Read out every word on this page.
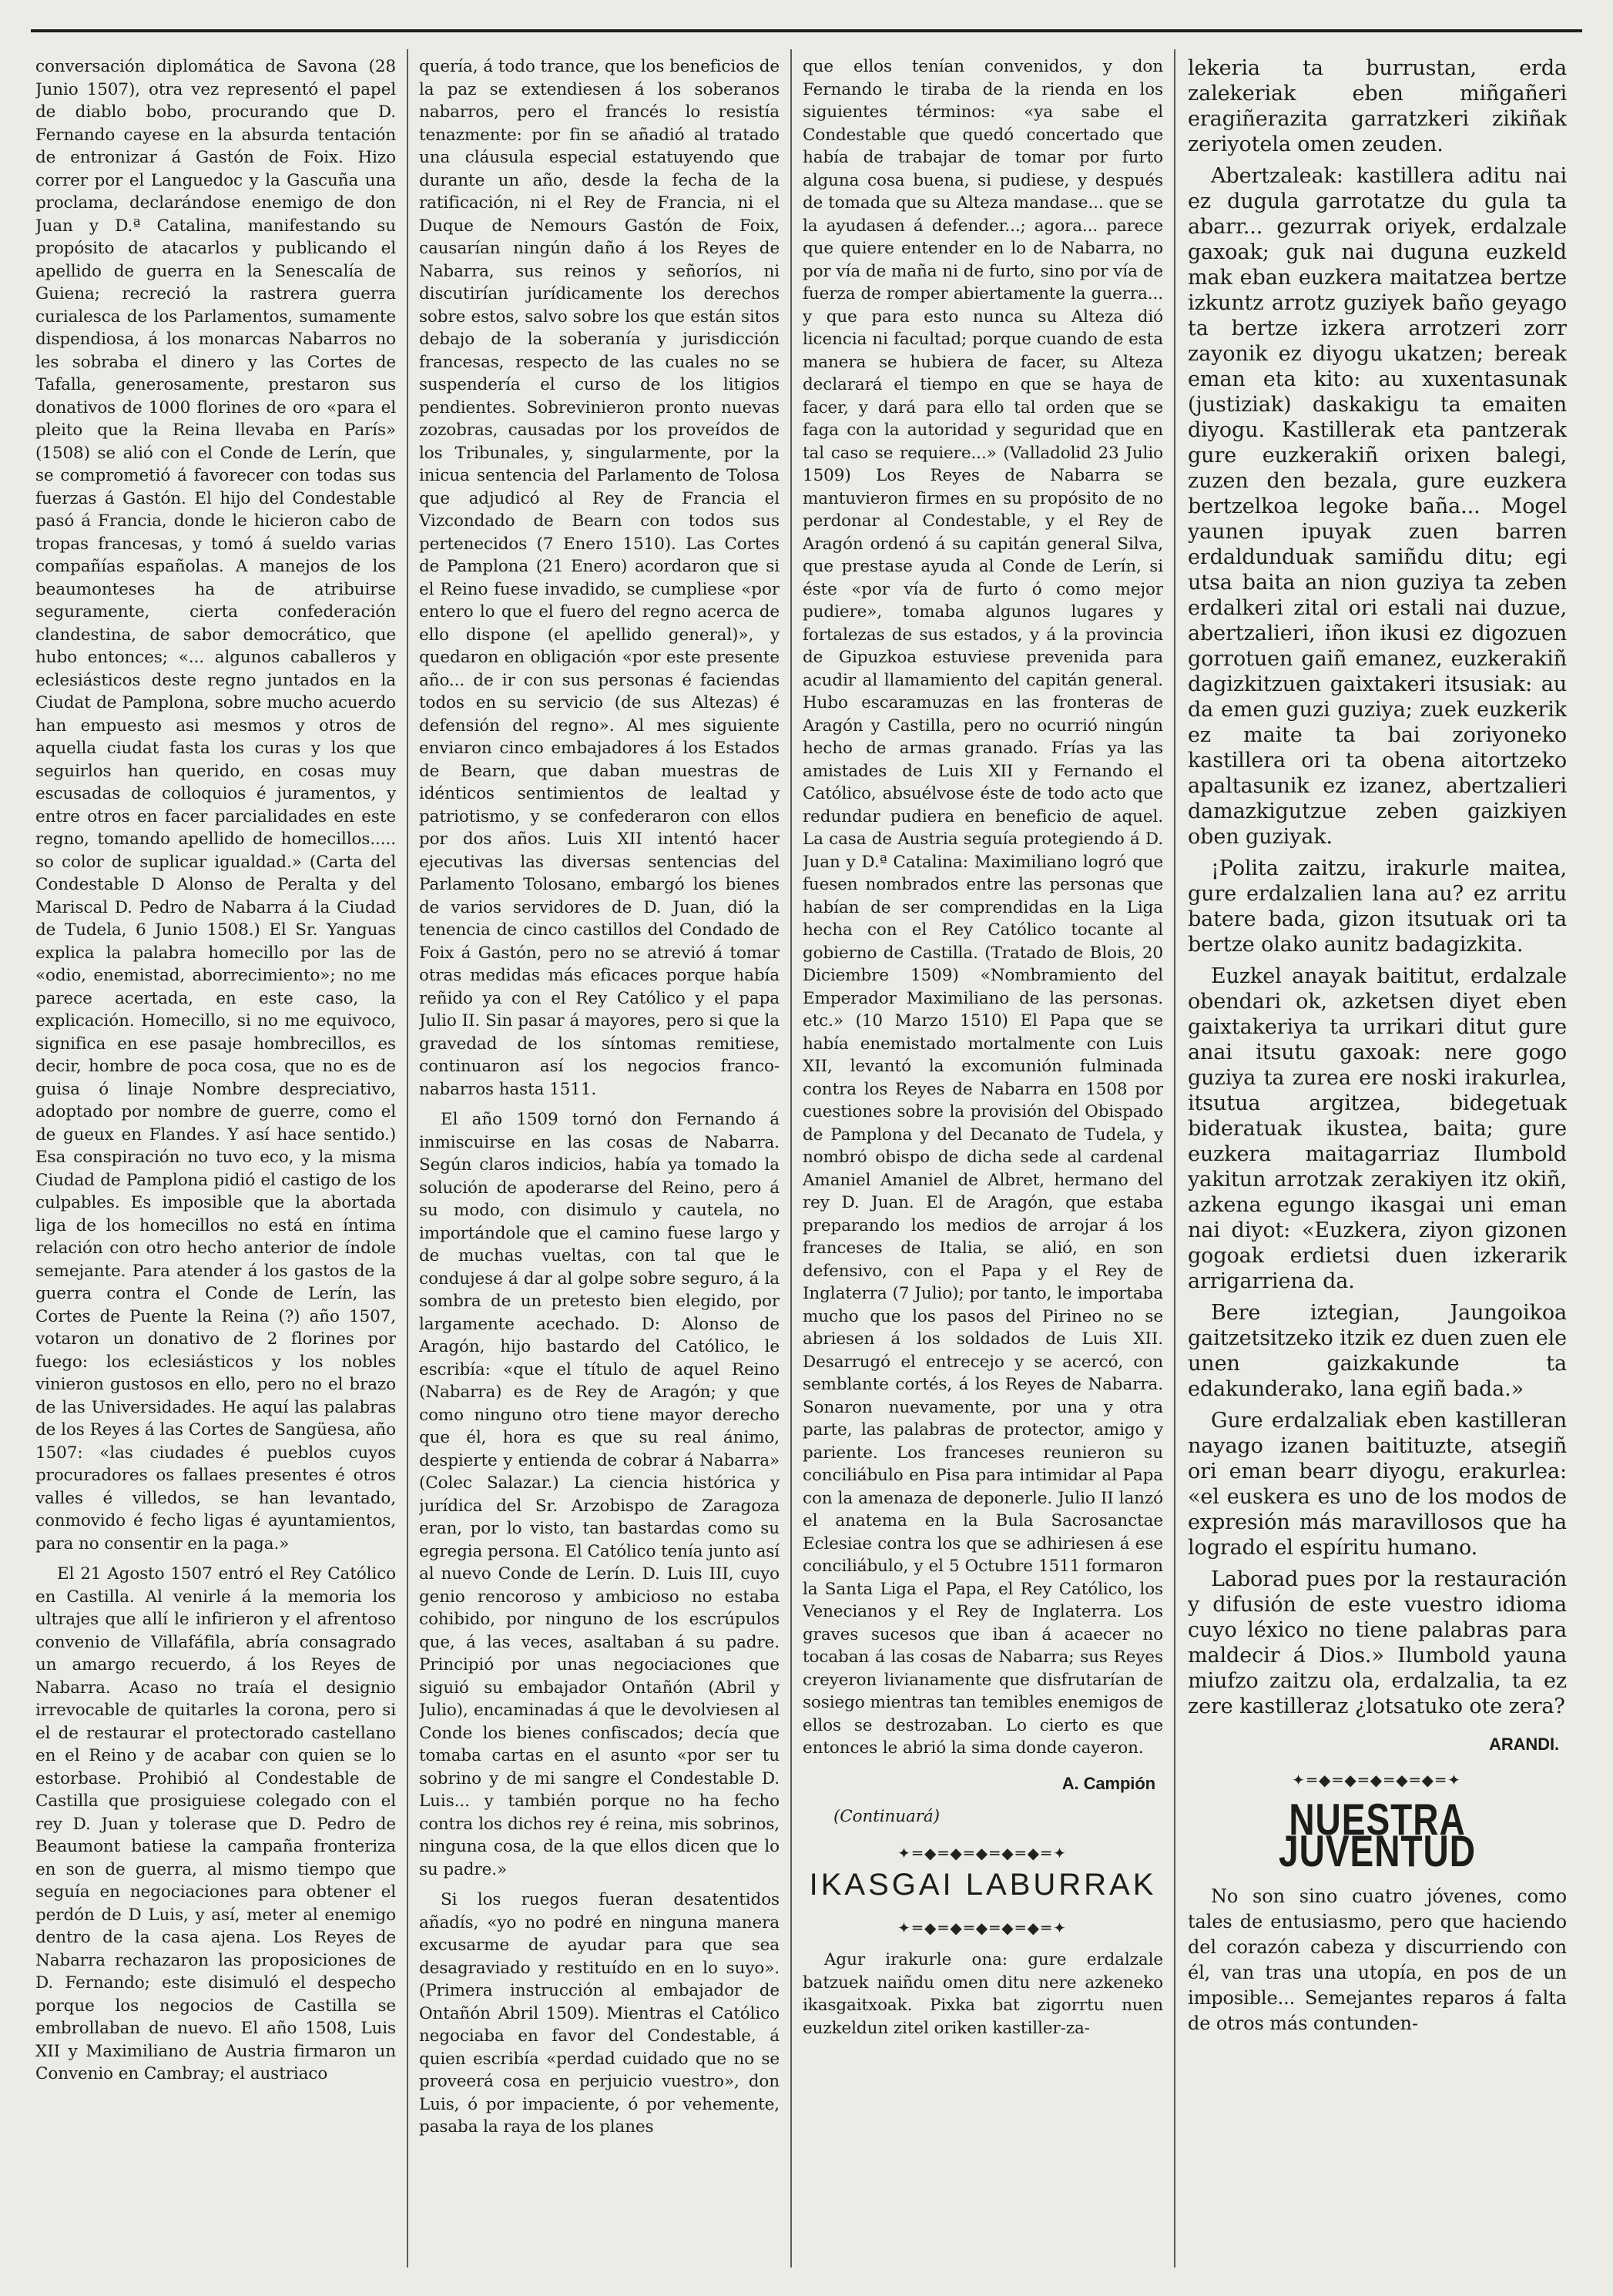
conversación diplomática de Savona (28 Junio 1507), otra vez representó el papel de diablo bobo, procurando que D. Fernando cayese en la absurda tentación de entronizar á Gastón de Foix. Hizo correr por el Languedoc y la Gascuña una proclama, declarándose enemigo de don Juan y D.ª Catalina, manifestando su propósito de atacarlos y publicando el apellido de guerra en la Senescalía de Guiena; recreció la rastrera guerra curialesca de los Parlamentos, sumamente dispendiosa, á los monarcas Nabarros no les sobraba el dinero y las Cortes de Tafalla, generosamente, prestaron sus donativos de 1000 florines de oro «para el pleito que la Reina llevaba en París» (1508) se alió con el Conde de Lerín, que se comprometió á favorecer con todas sus fuerzas á Gastón. El hijo del Condestable pasó á Francia, donde le hicieron cabo de tropas francesas, y tomó á sueldo varias compañías españolas. A manejos de los beaumonteses ha de atribuirse seguramente, cierta confederación clandestina, de sabor democrático, que hubo entonces; «... algunos caballeros y eclesiásticos deste regno juntados en la Ciudat de Pamplona, sobre mucho acuerdo han empuesto asi mesmos y otros de aquella ciudat fasta los curas y los que seguirlos han querido, en cosas muy escusadas de colloquios é juramentos, y entre otros en facer parcialidades en este regno, tomando apellido de homecillos..... so color de suplicar igualdad.» (Carta del Condestable D Alonso de Peralta y del Mariscal D. Pedro de Nabarra á la Ciudad de Tudela, 6 Junio 1508.) El Sr. Yanguas explica la palabra homecillo por las de «odio, enemistad, aborrecimiento»; no me parece acertada, en este caso, la explicación. Homecillo, si no me equivoco, significa en ese pasaje hombrecillos, es decir, hombre de poca cosa, que no es de guisa ó linaje Nombre despreciativo, adoptado por nombre de guerre, como el de gueux en Flandes. Y así hace sentido.) Esa conspiración no tuvo eco, y la misma Ciudad de Pamplona pidió el castigo de los culpables. Es imposible que la abortada liga de los homecillos no está en íntima relación con otro hecho anterior de índole semejante. Para atender á los gastos de la guerra contra el Conde de Lerín, las Cortes de Puente la Reina (?) año 1507, votaron un donativo de 2 florines por fuego: los eclesiásticos y los nobles vinieron gustosos en ello, pero no el brazo de las Universidades. He aquí las palabras de los Reyes á las Cortes de Sangüesa, año 1507: «las ciudades é pueblos cuyos procuradores os fallaes presentes é otros valles é villedos, se han levantado, conmovido é fecho ligas é ayuntamientos, para no consentir en la paga.»

El 21 Agosto 1507 entró el Rey Católico en Castilla. Al venirle á la memoria los ultrajes que allí le infirieron y el afrentoso convenio de Villafáfila, abría consagrado un amargo recuerdo, á los Reyes de Nabarra. Acaso no traía el designio irrevocable de quitarles la corona, pero si el de restaurar el protectorado castellano en el Reino y de acabar con quien se lo estorbase. Prohibió al Condestable de Castilla que prosiguiese colegado con el rey D. Juan y tolerase que D. Pedro de Beaumont batiese la campaña fronteriza en son de guerra, al mismo tiempo que seguía en negociaciones para obtener el perdón de D Luis, y así, meter al enemigo dentro de la casa ajena. Los Reyes de Nabarra rechazaron las proposiciones de D. Fernando; este disimuló el despecho porque los negocios de Castilla se embrollaban de nuevo. El año 1508, Luis XII y Maximiliano de Austria firmaron un Convenio en Cambray; el austriaco

quería, á todo trance, que los beneficios de la paz se extendiesen á los soberanos nabarros, pero el francés lo resistía tenazmente: por fin se añadió al tratado una cláusula especial estatuyendo que durante un año, desde la fecha de la ratificación, ni el Rey de Francia, ni el Duque de Nemours Gastón de Foix, causarían ningún daño á los Reyes de Nabarra, sus reinos y señoríos, ni discutirían jurídicamente los derechos sobre estos, salvo sobre los que están sitos debajo de la soberanía y jurisdicción francesas, respecto de las cuales no se suspendería el curso de los litigios pendientes. Sobrevinieron pronto nuevas zozobras, causadas por los proveídos de los Tribunales, y, singularmente, por la inicua sentencia del Parlamento de Tolosa que adjudicó al Rey de Francia el Vizcondado de Bearn con todos sus pertenecidos (7 Enero 1510). Las Cortes de Pamplona (21 Enero) acordaron que si el Reino fuese invadido, se cumpliese «por entero lo que el fuero del regno acerca de ello dispone (el apellido general)», y quedaron en obligación «por este presente año... de ir con sus personas é faciendas todos en su servicio (de sus Altezas) é defensión del regno». Al mes siguiente enviaron cinco embajadores á los Estados de Bearn, que daban muestras de idénticos sentimientos de lealtad y patriotismo, y se confederaron con ellos por dos años. Luis XII intentó hacer ejecutivas las diversas sentencias del Parlamento Tolosano, embargó los bienes de varios servidores de D. Juan, dió la tenencia de cinco castillos del Condado de Foix á Gastón, pero no se atrevió á tomar otras medidas más eficaces porque había reñido ya con el Rey Católico y el papa Julio II. Sin pasar á mayores, pero si que la gravedad de los síntomas remitiese, continuaron así los negocios franco-nabarros hasta 1511.

El año 1509 tornó don Fernando á inmiscuirse en las cosas de Nabarra. Según claros indicios, había ya tomado la solución de apoderarse del Reino, pero á su modo, con disimulo y cautela, no importándole que el camino fuese largo y de muchas vueltas, con tal que le condujese á dar al golpe sobre seguro, á la sombra de un pretesto bien elegido, por largamente acechado. D: Alonso de Aragón, hijo bastardo del Católico, le escribía: «que el título de aquel Reino (Nabarra) es de Rey de Aragón; y que como ninguno otro tiene mayor derecho que él, hora es que su real ánimo, despierte y entienda de cobrar á Nabarra» (Colec Salazar.) La ciencia histórica y jurídica del Sr. Arzobispo de Zaragoza eran, por lo visto, tan bastardas como su egregia persona. El Católico tenía junto así al nuevo Conde de Lerín. D. Luis III, cuyo genio rencoroso y ambicioso no estaba cohibido, por ninguno de los escrúpulos que, á las veces, asaltaban á su padre. Principió por unas negociaciones que siguió su embajador Ontañón (Abril y Julio), encaminadas á que le devolviesen al Conde los bienes confiscados; decía que tomaba cartas en el asunto «por ser tu sobrino y de mi sangre el Condestable D. Luis... y también porque no ha fecho contra los dichos rey é reina, mis sobrinos, ninguna cosa, de la que ellos dicen que lo su padre.»

Si los ruegos fueran desatentidos añadís, «yo no podré en ninguna manera excusarme de ayudar para que sea desagraviado y restituído en en lo suyo». (Primera instrucción al embajador de Ontañón Abril 1509). Mientras el Católico negociaba en favor del Condestable, á quien escribía «perdad cuidado que no se proveerá cosa en perjuicio vuestro», don Luis, ó por impaciente, ó por vehemente, pasaba la raya de los planes

que ellos tenían convenidos, y don Fernando le tiraba de la rienda en los siguientes términos: «ya sabe el Condestable que quedó concertado que había de trabajar de tomar por furto alguna cosa buena, si pudiese, y después de tomada que su Alteza mandase... que se la ayudasen á defender...; agora... parece que quiere entender en lo de Nabarra, no por vía de maña ni de furto, sino por vía de fuerza de romper abiertamente la guerra... y que para esto nunca su Alteza dió licencia ni facultad; porque cuando de esta manera se hubiera de facer, su Alteza declarará el tiempo en que se haya de facer, y dará para ello tal orden que se faga con la autoridad y seguridad que en tal caso se requiere...» (Valladolid 23 Julio 1509) Los Reyes de Nabarra se mantuvieron firmes en su propósito de no perdonar al Condestable, y el Rey de Aragón ordenó á su capitán general Silva, que prestase ayuda al Conde de Lerín, si éste «por vía de furto ó como mejor pudiere», tomaba algunos lugares y fortalezas de sus estados, y á la provincia de Gipuzkoa estuviese prevenida para acudir al llamamiento del capitán general. Hubo escaramuzas en las fronteras de Aragón y Castilla, pero no ocurrió ningún hecho de armas granado. Frías ya las amistades de Luis XII y Fernando el Católico, absuélvose éste de todo acto que redundar pudiera en beneficio de aquel. La casa de Austria seguía protegiendo á D. Juan y D.ª Catalina: Maximiliano logró que fuesen nombrados entre las personas que habían de ser comprendidas en la Liga hecha con el Rey Católico tocante al gobierno de Castilla. (Tratado de Blois, 20 Diciembre 1509) «Nombramiento del Emperador Maximiliano de las personas. etc.» (10 Marzo 1510) El Papa que se había enemistado mortalmente con Luis XII, levantó la excomunión fulminada contra los Reyes de Nabarra en 1508 por cuestiones sobre la provisión del Obispado de Pamplona y del Decanato de Tudela, y nombró obispo de dicha sede al cardenal Amaniel Amaniel de Albret, hermano del rey D. Juan. El de Aragón, que estaba preparando los medios de arrojar á los franceses de Italia, se alió, en son defensivo, con el Papa y el Rey de Inglaterra (7 Julio); por tanto, le importaba mucho que los pasos del Pirineo no se abriesen á los soldados de Luis XII. Desarrugó el entrecejo y se acercó, con semblante cortés, á los Reyes de Nabarra. Sonaron nuevamente, por una y otra parte, las palabras de protector, amigo y pariente. Los franceses reunieron su conciliábulo en Pisa para intimidar al Papa con la amenaza de deponerle. Julio II lanzó el anatema en la Bula Sacrosanctae Eclesiae contra los que se adhiriesen á ese conciliábulo, y el 5 Octubre 1511 formaron la Santa Liga el Papa, el Rey Católico, los Venecianos y el Rey de Inglaterra. Los graves sucesos que iban á acaecer no tocaban á las cosas de Nabarra; sus Reyes creyeron livianamente que disfrutarían de sosiego mientras tan temibles enemigos de ellos se destrozaban. Lo cierto es que entonces le abrió la sima donde cayeron.

A. Campión
(Continuará)
✦═◆═◆═◆═◆═◆═✦
IKASGAI LABURRAK
✦═◆═◆═◆═◆═◆═✦

Agur irakurle ona: gure erdalzale batzuek naiñdu omen ditu nere azkeneko ikasgaitxoak. Pixka bat zigorrtu nuen euzkeldun zitel oriken kastiller-za-

lekeria ta burrustan, erda zalekeriak eben miñgañeri eragiñerazita garratzkeri zikiñak zeriyotela omen zeuden.

Abertzaleak: kastillera aditu nai ez dugula garrotatze du gula ta abarr... gezurrak oriyek, erdalzale gaxoak; guk nai duguna euzkeld mak eban euzkera maitatzea bertze izkuntz arrotz guziyek baño geyago ta bertze izkera arrotzeri zorr zayonik ez diyogu ukatzen; bereak eman eta kito: au xuxentasunak (justiziak) daskakigu ta emaiten diyogu. Kastillerak eta pantzerak gure euzkerakiñ orixen balegi, zuzen den bezala, gure euzkera bertzelkoa legoke baña... Mogel yaunen ipuyak zuen barren erdaldunduak samiñdu ditu; egi utsa baita an nion guziya ta zeben erdalkeri zital ori estali nai duzue, abertzalieri, iñon ikusi ez digozuen gorrotuen gaiñ emanez, euzkerakiñ dagizkitzuen gaixtakeri itsusiak: au da emen guzi guziya; zuek euzkerik ez maite ta bai zoriyoneko kastillera ori ta obena aitortzeko apaltasunik ez izanez, abertzalieri damazkigutzue zeben gaizkiyen oben guziyak.

¡Polita zaitzu, irakurle maitea, gure erdalzalien lana au? ez arritu batere bada, gizon itsutuak ori ta bertze olako aunitz badagizkita.

Euzkel anayak baititut, erdalzale obendari ok, azketsen diyet eben gaixtakeriya ta urrikari ditut gure anai itsutu gaxoak: nere gogo guziya ta zurea ere noski irakurlea, itsutua argitzea, bidegetuak bideratuak ikustea, baita; gure euzkera maitagarriaz Ilumbold yakitun arrotzak zerakiyen itz okiñ, azkena egungo ikasgai uni eman nai diyot: «Euzkera, ziyon gizonen gogoak erdietsi duen izkerarik arrigarriena da.

Bere iztegian, Jaungoikoa gaitzetsitzeko itzik ez duen zuen ele unen gaizkakunde ta edakunderako, lana egiñ bada.»

Gure erdalzaliak eben kastilleran nayago izanen baitituzte, atsegiñ ori eman bearr diyogu, erakurlea: «el euskera es uno de los modos de expresión más maravillosos que ha logrado el espíritu humano.

Laborad pues por la restauración y difusión de este vuestro idioma cuyo léxico no tiene palabras para maldecir á Dios.» Ilumbold yauna miufzo zaitzu ola, erdalzalia, ta ez zere kastilleraz ¿lotsatuko ote zera?

ARANDI.
✦═◆═◆═◆═◆═◆═✦
NUESTRA JUVENTUD

No son sino cuatro jóvenes, como tales de entusiasmo, pero que haciendo del corazón cabeza y discurriendo con él, van tras una utopía, en pos de un imposible... Semejantes reparos á falta de otros más contunden-
